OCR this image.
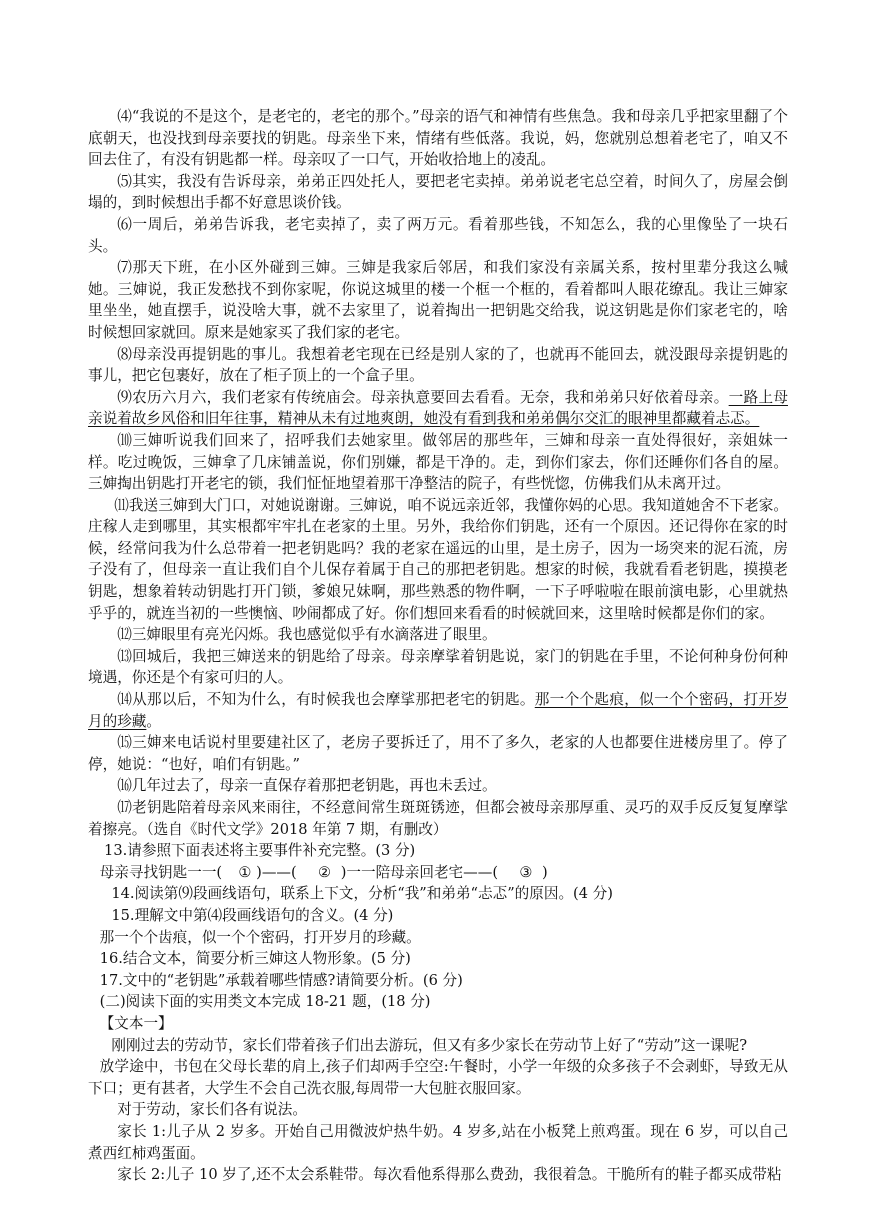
⑷“我说的不是这个，是老宅的，老宅的那个。”母亲的语气和神情有些焦急。我和母亲几乎把家里翻了个底朝天，也没找到母亲要找的钥匙。母亲坐下来，情绪有些低落。我说，妈，您就别总想着老宅了，咱又不回去住了，有没有钥匙都一样。母亲叹了一口气，开始收拾地上的凌乱。

⑸其实，我没有告诉母亲，弟弟正四处托人，要把老宅卖掉。弟弟说老宅总空着，时间久了，房屋会倒塌的，到时候想出手都不好意思谈价钱。

⑹一周后，弟弟告诉我，老宅卖掉了，卖了两万元。看着那些钱，不知怎么，我的心里像坠了一块石头。

⑺那天下班，在小区外碰到三婶。三婶是我家后邻居，和我们家没有亲属关系，按村里辈分我这么喊她。三婶说，我正发愁找不到你家呢，你说这城里的楼一个框一个框的，看着都叫人眼花缭乱。我让三婶家里坐坐，她直摆手，说没啥大事，就不去家里了，说着掏出一把钥匙交给我，说这钥匙是你们家老宅的，啥时候想回家就回。原来是她家买了我们家的老宅。

⑻母亲没再提钥匙的事儿。我想着老宅现在已经是别人家的了，也就再不能回去，就没跟母亲提钥匙的事儿，把它包裹好，放在了柜子顶上的一个盒子里。

⑼农历六月六，我们老家有传统庙会。母亲执意要回去看看。无奈，我和弟弟只好依着母亲。一路上母亲说着故乡风俗和旧年往事，精神从未有过地爽朗，她没有看到我和弟弟偶尔交汇的眼神里都藏着忐忑。

⑽三婶听说我们回来了，招呼我们去她家里。做邻居的那些年，三婶和母亲一直处得很好，亲姐妹一样。吃过晚饭，三婶拿了几床铺盖说，你们别嫌，都是干净的。走，到你们家去，你们还睡你们各自的屋。三婶掏出钥匙打开老宅的锁，我们怔怔地望着那干净整洁的院子，有些恍惚，仿佛我们从未离开过。

⑾我送三婶到大门口，对她说谢谢。三婶说，咱不说远亲近邻，我懂你妈的心思。我知道她舍不下老家。庄稼人走到哪里，其实根都牢牢扎在老家的土里。另外，我给你们钥匙，还有一个原因。还记得你在家的时候，经常问我为什么总带着一把老钥匙吗？我的老家在遥远的山里，是土房子，因为一场突来的泥石流，房子没有了，但母亲一直让我们自个儿保存着属于自己的那把老钥匙。想家的时候，我就看看老钥匙，摸摸老钥匙，想象着转动钥匙打开门锁，爹娘兄妹啊，那些熟悉的物件啊，一下子呼啦啦在眼前演电影，心里就热乎乎的，就连当初的一些懊恼、吵闹都成了好。你们想回来看看的时候就回来，这里啥时候都是你们的家。

⑿三婶眼里有亮光闪烁。我也感觉似乎有水滴落进了眼里。

⒀回城后，我把三婶送来的钥匙给了母亲。母亲摩挲着钥匙说，家门的钥匙在手里，不论何种身份何种境遇，你还是个有家可归的人。

⒁从那以后，不知为什么，有时候我也会摩挲那把老宅的钥匙。那一个个匙痕，似一个个密码，打开岁月的珍藏。

⒂三婶来电话说村里要建社区了，老房子要拆迁了，用不了多久，老家的人也都要住进楼房里了。停了停，她说：“也好，咱们有钥匙。”

⒃几年过去了，母亲一直保存着那把老钥匙，再也未丢过。

⒄老钥匙陪着母亲风来雨往，不经意间常生斑斑锈迹，但都会被母亲那厚重、灵巧的双手反反复复摩挲着擦亮。（选自《时代文学》2018 年第 7 期，有删改）

13.请参照下面表述将主要事件补充完整。(3 分)

母亲寻找钥匙一一( ① )——( ② )一一陪母亲回老宅——( ③ )

14.阅读第⑼段画线语句，联系上下文，分析“我”和弟弟“忐忑”的原因。(4 分)

15.理解文中第⑷段画线语句的含义。(4 分)

那一个个齿痕，似一个个密码，打开岁月的珍藏。

16.结合文本，简要分析三婶这人物形象。(5 分)

17.文中的“老钥匙”承载着哪些情感?请简要分析。(6 分)

(二)阅读下面的实用类文本完成 18-21 题，(18 分)

【文本一】

刚刚过去的劳动节，家长们带着孩子们出去游玩，但又有多少家长在劳动节上好了“劳动”这一课呢?

放学途中，书包在父母长辈的肩上,孩子们却两手空空:午餐时，小学一年级的众多孩子不会剥虾，导致无从下口；更有甚者，大学生不会自己洗衣服,每周带一大包脏衣服回家。

对于劳动，家长们各有说法。

家长 1:儿子从 2 岁多。开始自己用微波炉热牛奶。4 岁多,站在小板凳上煎鸡蛋。现在 6 岁，可以自己煮西红柿鸡蛋面。

家长 2:儿子 10 岁了,还不太会系鞋带。每次看他系得那么费劲，我很着急。干脆所有的鞋子都买成带粘
